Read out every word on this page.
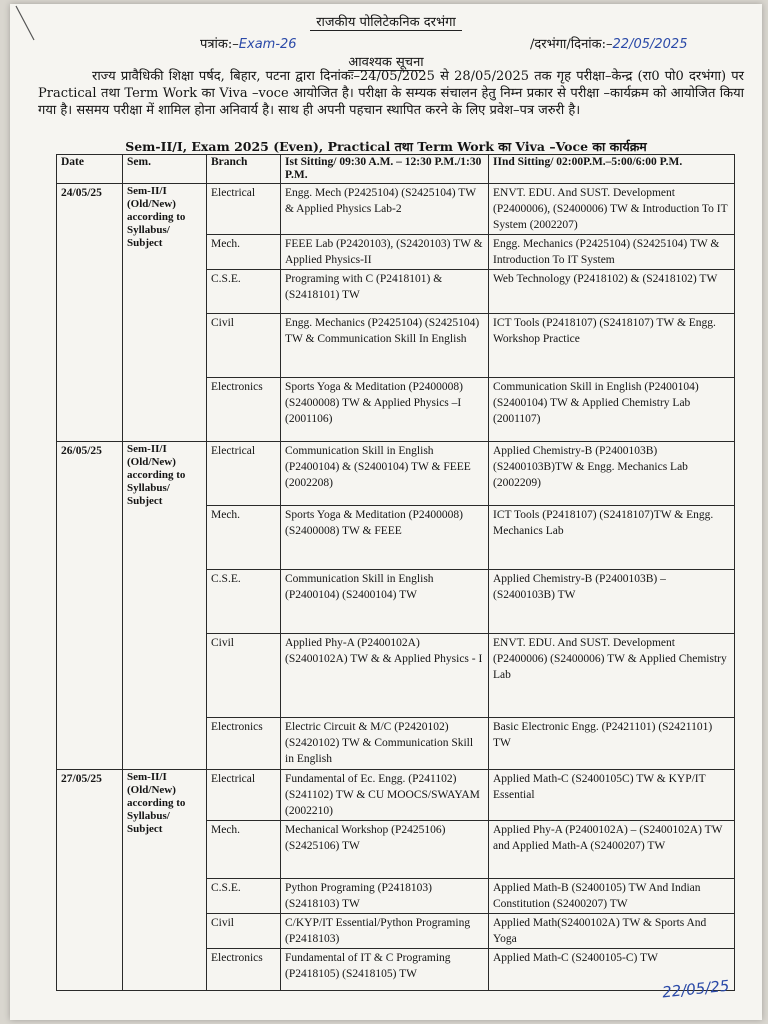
राजकीय पोलिटेकनिक दरभंगा
पत्रांक:–Exam-26	/दरभंगा/दिनांक:–22/05/2025
आवश्यक सूचना
राज्य प्रावैधिकी शिक्षा पर्षद, बिहार, पटना द्वारा दिनांकः–24/05/2025 से 28/05/2025 तक गृह परीक्षा–केन्द्र (रा0 पो0 दरभंगा) पर Practical तथा Term Work का Viva –voce आयोजित है। परीक्षा के सम्यक संचालन हेतु निम्न प्रकार से परीक्षा –कार्यक्रम को आयोजित किया गया है। ससमय परीक्षा में शामिल होना अनिवार्य है। साथ ही अपनी पहचान स्थापित करने के लिए प्रवेश–पत्र जरुरी है।
Sem-II/I, Exam 2025 (Even), Practical तथा Term Work का Viva –Voce का कार्यक्रम
Date	Sem.	Branch	Ist Sitting/ 09:30 A.M. – 12:30 P.M./1:30 P.M.	IInd Sitting/ 02:00P.M.–5:00/6:00 P.M.
24/05/25	Sem-II/I (Old/New) according to Syllabus/ Subject	Electrical	Engg. Mech (P2425104) (S2425104) TW & Applied Physics Lab-2	ENVT. EDU. And SUST. Development (P2400006), (S2400006) TW & Introduction To IT System (2002207)
		Mech.	FEEE Lab (P2420103), (S2420103) TW & Applied Physics-II	Engg. Mechanics (P2425104) (S2425104) TW & Introduction To IT System
		C.S.E.	Programing with C (P2418101) & (S2418101) TW	Web Technology (P2418102) & (S2418102) TW
		Civil	Engg. Mechanics (P2425104) (S2425104) TW & Communication Skill In English	ICT Tools (P2418107) (S2418107) TW & Engg. Workshop Practice
		Electronics	Sports Yoga & Meditation (P2400008) (S2400008) TW & Applied Physics –I (2001106)	Communication Skill in English (P2400104) (S2400104) TW & Applied Chemistry Lab (2001107)
26/05/25	Sem-II/I (Old/New) according to Syllabus/ Subject	Electrical	Communication Skill in English (P2400104) & (S2400104) TW & FEEE (2002208)	Applied Chemistry-B (P2400103B) (S2400103B)TW & Engg. Mechanics Lab (2002209)
		Mech.	Sports Yoga & Meditation (P2400008) (S2400008) TW & FEEE	ICT Tools (P2418107) (S2418107)TW & Engg. Mechanics Lab
		C.S.E.	Communication Skill in English (P2400104) (S2400104) TW	Applied Chemistry-B (P2400103B) – (S2400103B) TW
		Civil	Applied Phy-A (P2400102A) (S2400102A) TW & & Applied Physics - I	ENVT. EDU. And SUST. Development (P2400006) (S2400006) TW & Applied Chemistry Lab
		Electronics	Electric Circuit & M/C (P2420102) (S2420102) TW & Communication Skill in English	Basic Electronic Engg. (P2421101) (S2421101) TW
27/05/25	Sem-II/I (Old/New) according to Syllabus/ Subject	Electrical	Fundamental of Ec. Engg. (P241102) (S241102) TW & CU MOOCS/SWAYAM (2002210)	Applied Math-C (S2400105C) TW & KYP/IT Essential
		Mech.	Mechanical Workshop (P2425106) (S2425106) TW	Applied Phy-A (P2400102A) – (S2400102A) TW and Applied Math-A (S2400207) TW
		C.S.E.	Python Programing (P2418103) (S2418103) TW	Applied Math-B (S2400105) TW And Indian Constitution (S2400207) TW
		Civil	C/KYP/IT Essential/Python Programing (P2418103)	Applied Math(S2400102A) TW & Sports And Yoga
		Electronics	Fundamental of IT & C Programing (P2418105) (S2418105) TW	Applied Math-C (S2400105-C) TW
22/05/25
